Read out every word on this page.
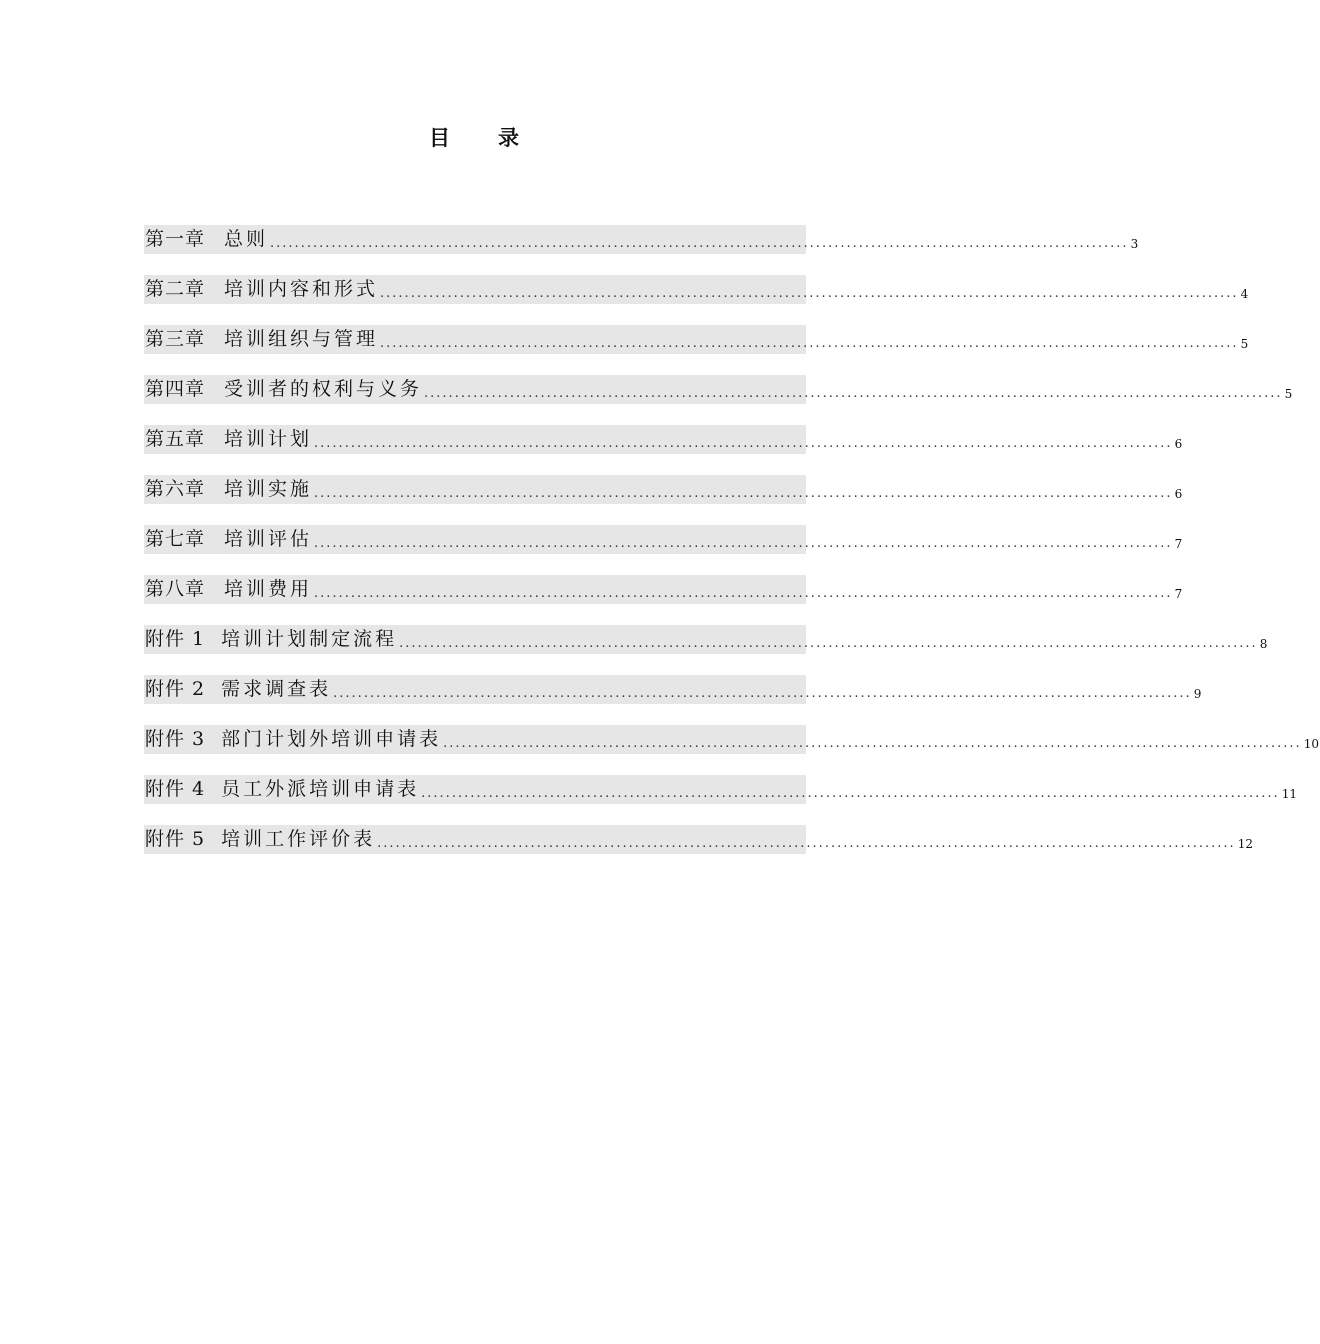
目 录
第一章	总则 ............................................................................................................................................ 3
第二章	培训内容和形式 ............................................................................................................................................ 4
第三章	培训组织与管理 ............................................................................................................................................ 5
第四章	受训者的权利与义务 ............................................................................................................................................ 5
第五章	培训计划 ............................................................................................................................................ 6
第六章	培训实施 ............................................................................................................................................ 6
第七章	培训评估 ............................................................................................................................................ 7
第八章	培训费用 ............................................................................................................................................ 7
附件 1 培训计划制定流程 ............................................................................................................................................ 8
附件 2 需求调查表 ............................................................................................................................................ 9
附件 3 部门计划外培训申请表 ............................................................................................................................................ 10
附件 4 员工外派培训申请表 ............................................................................................................................................ 11
附件 5 培训工作评价表 ............................................................................................................................................ 12
